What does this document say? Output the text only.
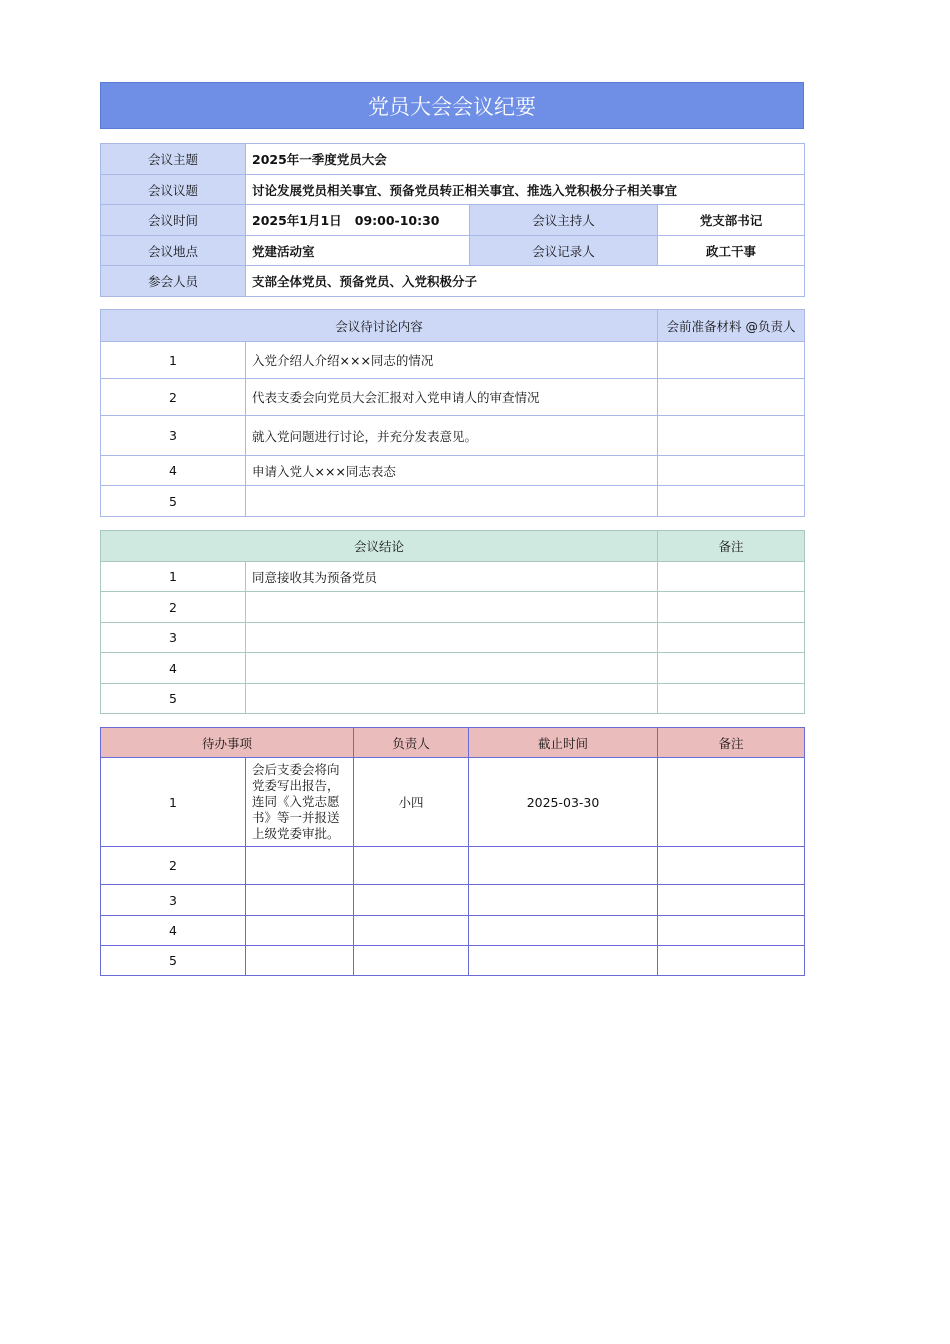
党员大会会议纪要
会议主题	2025年一季度党员大会		
会议议题	讨论发展党员相关事宜、预备党员转正相关事宜、推选入党积极分子相关事宜		
会议时间	2025年1月1日   09:00-10:30	会议主持人	党支部书记
会议地点	党建活动室	会议记录人	政工干事
参会人员	支部全体党员、预备党员、入党积极分子		
会议待讨论内容		会前准备材料 @负责人
1	入党介绍人介绍×××同志的情况	
2	代表支委会向党员大会汇报对入党申请人的审查情况	
3	就入党问题进行讨论，并充分发表意见。	
4	申请入党人×××同志表态	
5		
会议结论		备注
1	同意接收其为预备党员	
2		
3		
4		
5		
待办事项		负责人	截止时间	备注
1	会后支委会将向党委写出报告，连同《入党志愿书》等一并报送上级党委审批。	小四	2025-03-30	
2				
3				
4				
5				
